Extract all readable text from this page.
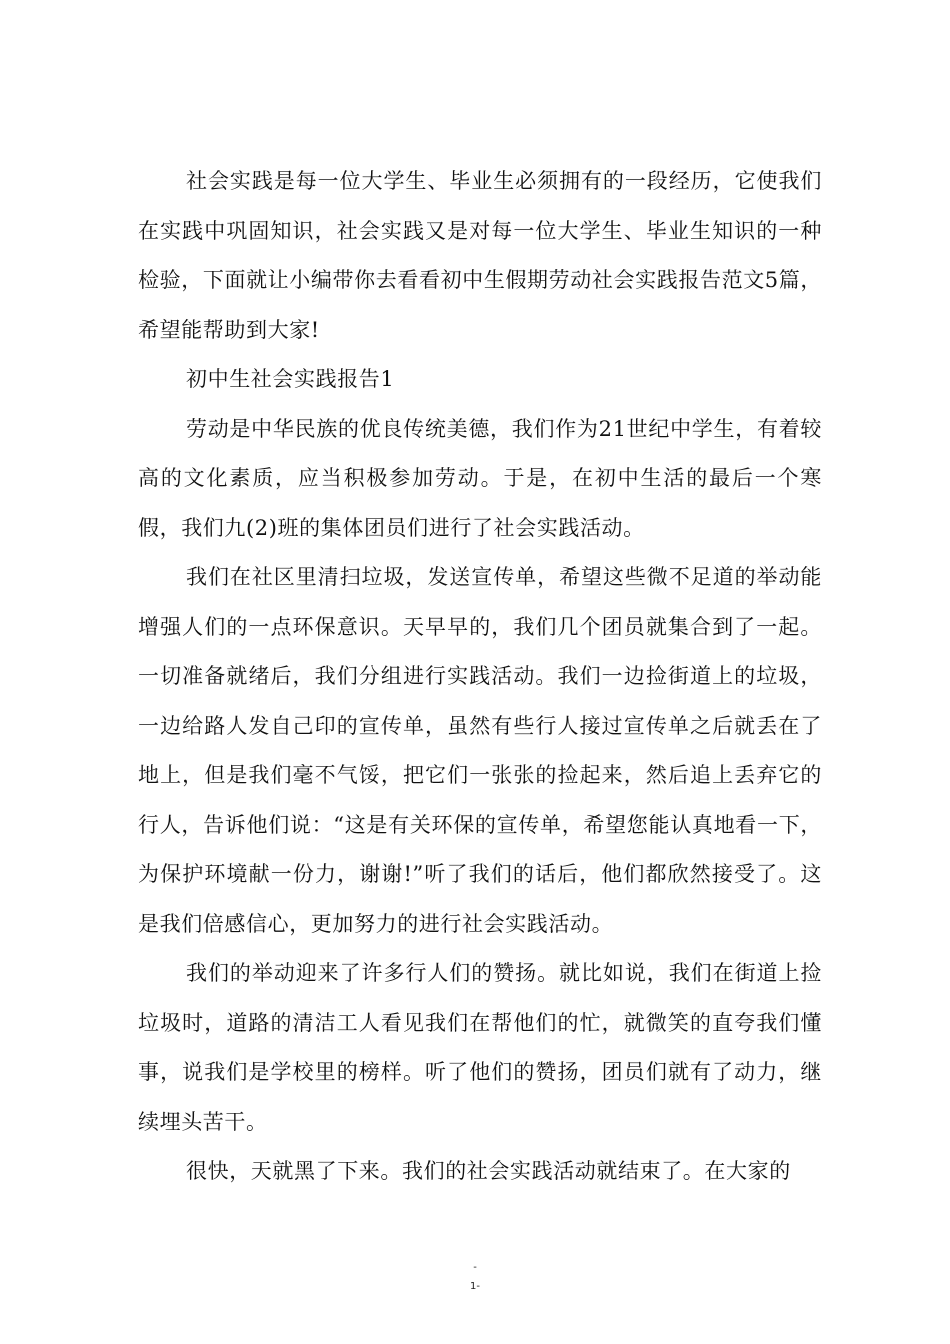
社会实践是每一位大学生、毕业生必须拥有的一段经历，它使我们在实践中巩固知识，社会实践又是对每一位大学生、毕业生知识的一种检验，下面就让小编带你去看看初中生假期劳动社会实践报告范文5篇，希望能帮助到大家!

初中生社会实践报告1

劳动是中华民族的优良传统美德，我们作为21世纪中学生，有着较高的文化素质，应当积极参加劳动。于是，在初中生活的最后一个寒假，我们九(2)班的集体团员们进行了社会实践活动。

我们在社区里清扫垃圾，发送宣传单，希望这些微不足道的举动能增强人们的一点环保意识。天早早的，我们几个团员就集合到了一起。一切准备就绪后，我们分组进行实践活动。我们一边捡街道上的垃圾，一边给路人发自己印的宣传单，虽然有些行人接过宣传单之后就丢在了地上，但是我们毫不气馁，把它们一张张的捡起来，然后追上丢弃它的行人，告诉他们说：“这是有关环保的宣传单，希望您能认真地看一下，为保护环境献一份力，谢谢!”听了我们的话后，他们都欣然接受了。这是我们倍感信心，更加努力的进行社会实践活动。

我们的举动迎来了许多行人们的赞扬。就比如说，我们在街道上捡垃圾时，道路的清洁工人看见我们在帮他们的忙，就微笑的直夸我们懂事，说我们是学校里的榜样。听了他们的赞扬，团员们就有了动力，继续埋头苦干。

很快，天就黑了下来。我们的社会实践活动就结束了。在大家的

-
1-
